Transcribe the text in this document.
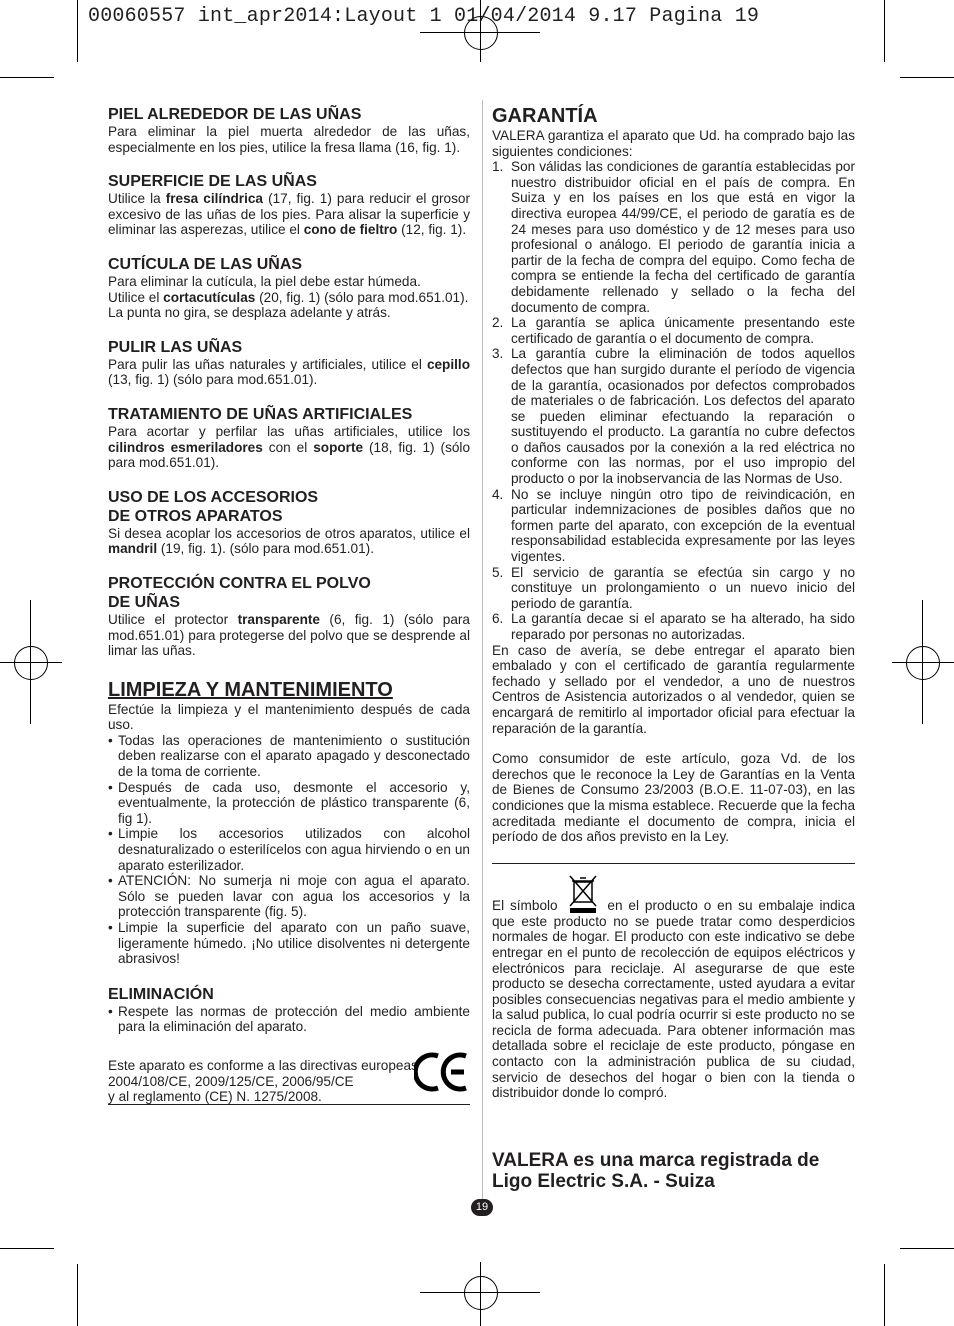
00060557 int_apr2014:Layout 1 01/04/2014 9.17 Pagina 19
PIEL ALREDEDOR DE LAS UÑAS

Para eliminar la piel muerta alrededor de las uñas, especialmente en los pies, utilice la fresa llama (16, fig. 1).

SUPERFICIE DE LAS UÑAS

Utilice la fresa cilíndrica (17, fig. 1) para reducir el grosor excesivo de las uñas de los pies. Para alisar la superficie y eliminar las asperezas, utilice el cono de fieltro (12, fig. 1).

CUTÍCULA DE LAS UÑAS

Para eliminar la cutícula, la piel debe estar húmeda.
Utilice el cortacutículas (20, fig. 1) (sólo para mod.651.01). La punta no gira, se desplaza adelante y atrás.

PULIR LAS UÑAS

Para pulir las uñas naturales y artificiales, utilice el cepillo (13, fig. 1) (sólo para mod.651.01).

TRATAMIENTO DE UÑAS ARTIFICIALES

Para acortar y perfilar las uñas artificiales, utilice los cilindros esmeriladores con el soporte (18, fig. 1) (sólo para mod.651.01).

USO DE LOS ACCESORIOS
DE OTROS APARATOS

Si desea acoplar los accesorios de otros aparatos, utilice el mandril (19, fig. 1). (sólo para mod.651.01).

PROTECCIÓN CONTRA EL POLVO
DE UÑAS

Utilice el protector transparente (6, fig. 1) (sólo para mod.651.01) para protegerse del polvo que se desprende al limar las uñas.

LIMPIEZA Y MANTENIMIENTO

Efectúe la limpieza y el mantenimiento después de cada uso.

• Todas las operaciones de mantenimiento o sustitución deben realizarse con el aparato apagado y desconectado de la toma de corriente.
• Después de cada uso, desmonte el accesorio y, eventualmente, la protección de plástico transparente (6, fig 1).
• Limpie los accesorios utilizados con alcohol desnaturalizado o esterilícelos con agua hirviendo o en un aparato esterilizador.
• ATENCIÓN: No sumerja ni moje con agua el aparato. Sólo se pueden lavar con agua los accesorios y la protección transparente (fig. 5).
• Limpie la superficie del aparato con un paño suave, ligeramente húmedo. ¡No utilice disolventes ni detergente abrasivos!
ELIMINACIÓN
• Respete las normas de protección del medio ambiente para la eliminación del aparato.

Este aparato es conforme a las directivas europeas
2004/108/CE, 2009/125/CE, 2006/95/CE
y al reglamento (CE) N. 1275/2008.

GARANTÍA

VALERA garantiza el aparato que Ud. ha comprado bajo las siguientes condiciones:

1. Son válidas las condiciones de garantía establecidas por nuestro distribuidor oficial en el país de compra. En Suiza y en los países en los que está en vigor la directiva europea 44/99/CE, el periodo de garatía es de 24 meses para uso doméstico y de 12 meses para uso profesional o análogo. El periodo de garantía inicia a partir de la fecha de compra del equipo. Como fecha de compra se entiende la fecha del certificado de garantía debidamente rellenado y sellado o la fecha del documento de compra.
2. La garantía se aplica únicamente presentando este certificado de garantía o el documento de compra.
3. La garantía cubre la eliminación de todos aquellos defectos que han surgido durante el período de vigencia de la garantía, ocasionados por defectos comprobados de materiales o de fabricación. Los defectos del aparato se pueden eliminar efectuando la reparación o sustituyendo el producto. La garantía no cubre defectos o daños causados por la conexión a la red eléctrica no conforme con las normas, por el uso impropio del producto o por la inobservancia de las Normas de Uso.
4. No se incluye ningún otro tipo de reivindicación, en particular indemnizaciones de posibles daños que no formen parte del aparato, con excepción de la eventual responsabilidad establecida expresamente por las leyes vigentes.
5. El servicio de garantía se efectúa sin cargo y no constituye un prolongamiento o un nuevo inicio del periodo de garantía.
6. La garantía decae si el aparato se ha alterado, ha sido reparado por personas no autorizadas.

En caso de avería, se debe entregar el aparato bien embalado y con el certificado de garantía regularmente fechado y sellado por el vendedor, a uno de nuestros Centros de Asistencia autorizados o al vendedor, quien se encargará de remitirlo al importador oficial para efectuar la reparación de la garantía.

Como consumidor de este artículo, goza Vd. de los derechos que le reconoce la Ley de Garantías en la Venta de Bienes de Consumo 23/2003 (B.O.E. 11-07-03), en las condiciones que la misma establece. Recuerde que la fecha acreditada mediante el documento de compra, inicia el período de dos años previsto en la Ley.

El símbolo	en el producto o en su embalaje indica que este producto no se puede tratar como desperdicios normales de hogar. El producto con este indicativo se debe entregar en el punto de recolección de equipos eléctricos y electrónicos para reciclaje. Al asegurarse de que este producto se desecha correctamente, usted ayudara a evitar posibles consecuencias negativas para el medio ambiente y la salud publica, lo cual podría ocurrir si este producto no se recicla de forma adecuada. Para obtener información mas detallada sobre el reciclaje de este producto, póngase en contacto con la administración publica de su ciudad, servicio de desechos del hogar o bien con la tienda o distribuidor donde lo compró.

VALERA es una marca registrada de
Ligo Electric S.A. - Suiza
19
